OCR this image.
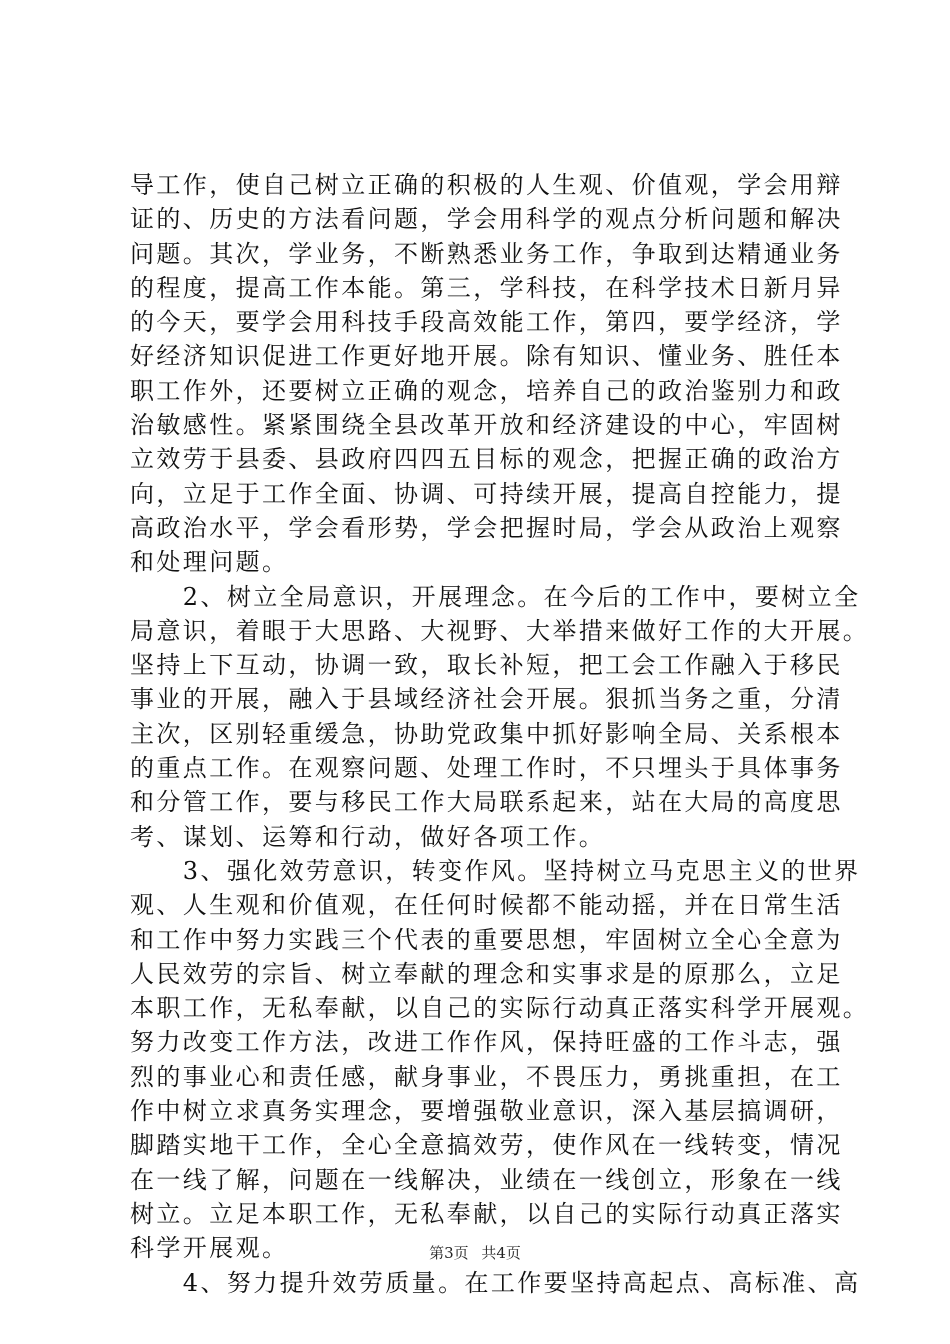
导工作，使自己树立正确的积极的人生观、价值观，学会用辩
证的、历史的方法看问题，学会用科学的观点分析问题和解决
问题。其次，学业务，不断熟悉业务工作，争取到达精通业务
的程度，提高工作本能。第三，学科技，在科学技术日新月异
的今天，要学会用科技手段高效能工作，第四，要学经济，学
好经济知识促进工作更好地开展。除有知识、懂业务、胜任本
职工作外，还要树立正确的观念，培养自己的政治鉴别力和政
治敏感性。紧紧围绕全县改革开放和经济建设的中心，牢固树
立效劳于县委、县政府四四五目标的观念，把握正确的政治方
向，立足于工作全面、协调、可持续开展，提高自控能力，提
高政治水平，学会看形势，学会把握时局，学会从政治上观察
和处理问题。
　　2、树立全局意识，开展理念。在今后的工作中，要树立全
局意识，着眼于大思路、大视野、大举措来做好工作的大开展。
坚持上下互动，协调一致，取长补短，把工会工作融入于移民
事业的开展，融入于县域经济社会开展。狠抓当务之重，分清
主次，区别轻重缓急，协助党政集中抓好影响全局、关系根本
的重点工作。在观察问题、处理工作时，不只埋头于具体事务
和分管工作，要与移民工作大局联系起来，站在大局的高度思
考、谋划、运筹和行动，做好各项工作。
　　3、强化效劳意识，转变作风。坚持树立马克思主义的世界
观、人生观和价值观，在任何时候都不能动摇，并在日常生活
和工作中努力实践三个代表的重要思想，牢固树立全心全意为
人民效劳的宗旨、树立奉献的理念和实事求是的原那么，立足
本职工作，无私奉献，以自己的实际行动真正落实科学开展观。
努力改变工作方法，改进工作作风，保持旺盛的工作斗志，强
烈的事业心和责任感，献身事业，不畏压力，勇挑重担，在工
作中树立求真务实理念，要增强敬业意识，深入基层搞调研，
脚踏实地干工作，全心全意搞效劳，使作风在一线转变，情况
在一线了解，问题在一线解决，业绩在一线创立，形象在一线
树立。立足本职工作，无私奉献，以自己的实际行动真正落实
科学开展观。
　　4、努力提升效劳质量。在工作要坚持高起点、高标准、高
第3页 共4页
